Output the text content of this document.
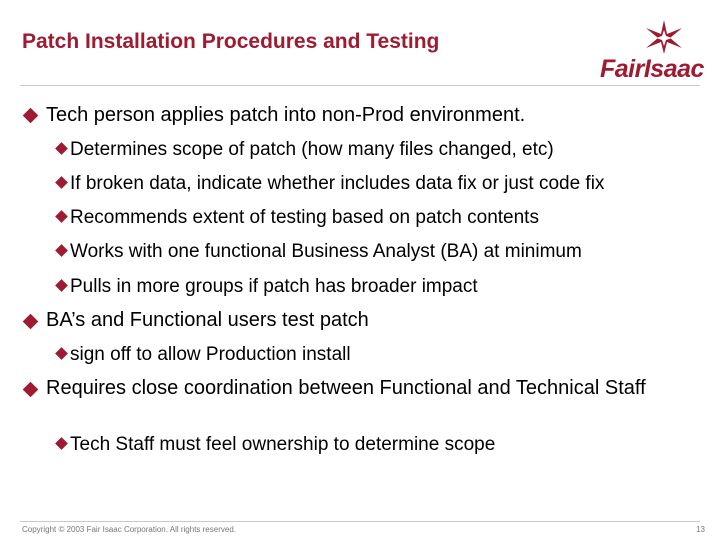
Patch Installation Procedures and Testing
FairIsaac
Tech person applies patch into non-Prod environment.
Determines scope of patch (how many files changed, etc)
If broken data, indicate whether includes data fix or just code fix
Recommends extent of testing based on patch contents
Works with one functional Business Analyst (BA) at minimum
Pulls in more groups if patch has broader impact
BA’s and Functional users test patch
sign off to allow Production install
Requires close coordination between Functional and Technical Staff
Tech Staff must feel ownership to determine scope
Copyright © 2003 Fair Isaac Corporation. All rights reserved.	13
